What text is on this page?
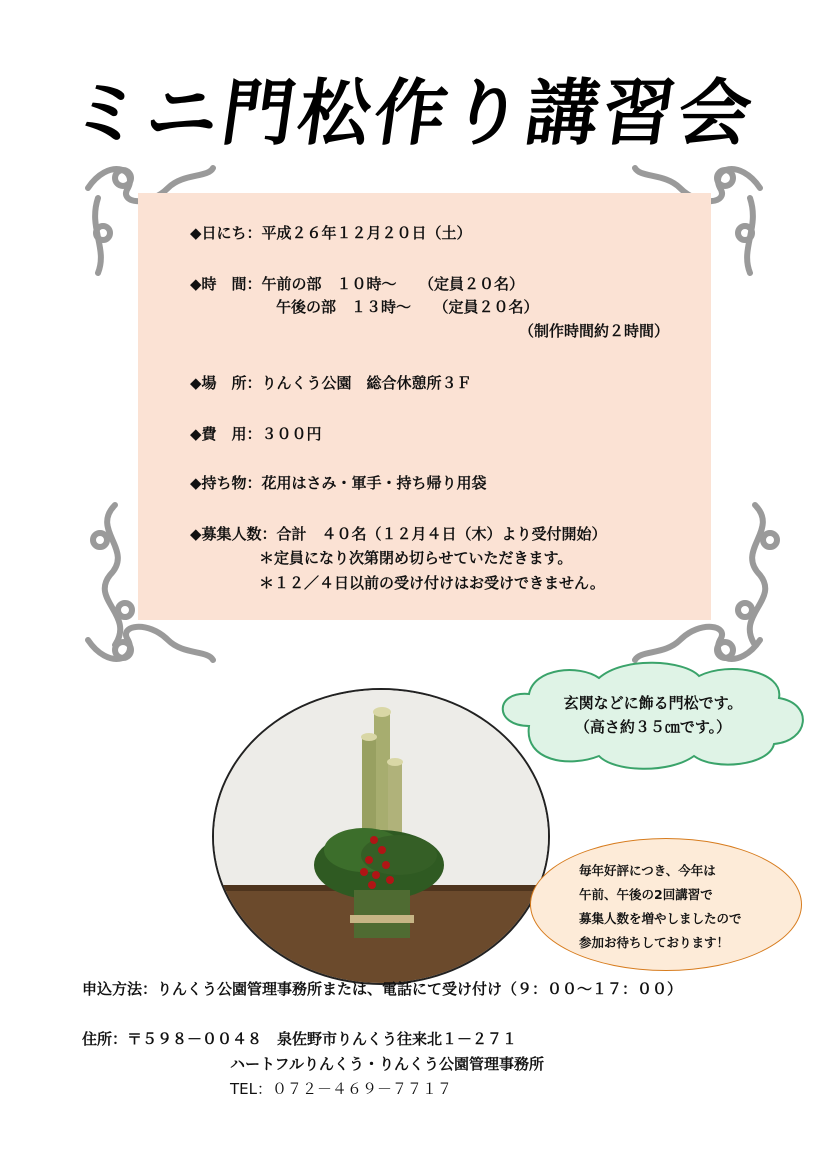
ミニ門松作り講習会
◆日にち：平成２６年１２月２０日（土）
◆時　間：午前の部　１０時～　　（定員２０名）
午後の部　１３時～　　（定員２０名）
（制作時間約２時間）
◆場　所：りんくう公園　総合休憩所３Ｆ
◆費　用：３００円
◆持ち物：花用はさみ・軍手・持ち帰り用袋
◆募集人数：合計　４０名（１２月４日（木）より受付開始）
＊定員になり次第閉め切らせていただきます。
＊１２／４日以前の受け付けはお受けできません。
玄関などに飾る門松です。
（高さ約３５㎝です。）
毎年好評につき、今年は
午前、午後の2回講習で
募集人数を増やしましたので
参加お待ちしております！
申込方法：りんくう公園管理事務所または、電話にて受け付け（９：００～１７：００）
住所：〒５９８－００４８　泉佐野市りんくう往来北１－２７１
ハートフルりんくう・りんくう公園管理事務所
TEL：０７２－４６９－７７１７
